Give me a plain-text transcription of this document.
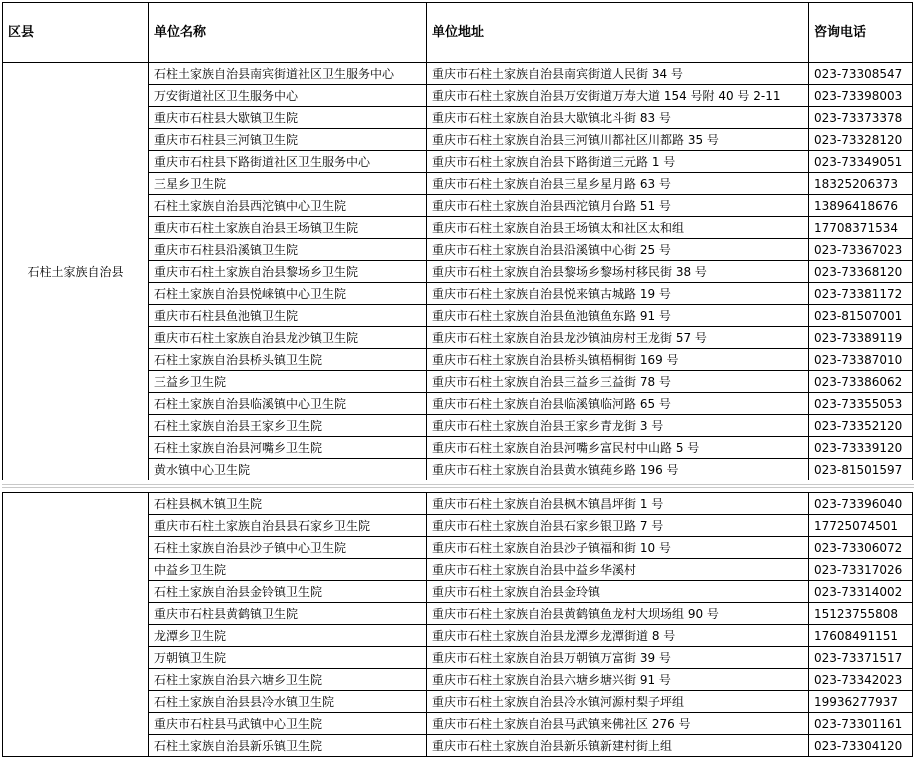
区县	单位名称	单位地址	咨询电话
石柱土家族自治县	石柱土家族自治县南宾街道社区卫生服务中心	重庆市石柱土家族自治县南宾街道人民街 34 号	023-73308547
	万安街道社区卫生服务中心	重庆市石柱土家族自治县万安街道万寿大道 154 号附 40 号 2-11	023-73398003
	重庆市石柱县大歇镇卫生院	重庆市石柱土家族自治县大歇镇北斗街 83 号	023-73373378
	重庆市石柱县三河镇卫生院	重庆市石柱土家族自治县三河镇川都社区川都路 35 号	023-73328120
	重庆市石柱县下路街道社区卫生服务中心	重庆市石柱土家族自治县下路街道三元路 1 号	023-73349051
	三星乡卫生院	重庆市石柱土家族自治县三星乡星月路 63 号	18325206373
	石柱土家族自治县西沱镇中心卫生院	重庆市石柱土家族自治县西沱镇月台路 51 号	13896418676
	重庆市石柱土家族自治县王场镇卫生院	重庆市石柱土家族自治县王场镇太和社区太和组	17708371534
	重庆市石柱县沿溪镇卫生院	重庆市石柱土家族自治县沿溪镇中心街 25 号	023-73367023
	重庆市石柱土家族自治县黎场乡卫生院	重庆市石柱土家族自治县黎场乡黎场村移民街 38 号	023-73368120
	石柱土家族自治县悦崃镇中心卫生院	重庆市石柱土家族自治县悦来镇古城路 19 号	023-73381172
	重庆市石柱县鱼池镇卫生院	重庆市石柱土家族自治县鱼池镇鱼东路 91 号	023-81507001
	重庆市石柱土家族自治县龙沙镇卫生院	重庆市石柱土家族自治县龙沙镇油房村王龙街 57 号	023-73389119
	石柱土家族自治县桥头镇卫生院	重庆市石柱土家族自治县桥头镇梧桐街 169 号	023-73387010
	三益乡卫生院	重庆市石柱土家族自治县三益乡三益街 78 号	023-73386062
	石柱土家族自治县临溪镇中心卫生院	重庆市石柱土家族自治县临溪镇临河路 65 号	023-73355053
	石柱土家族自治县王家乡卫生院	重庆市石柱土家族自治县王家乡青龙街 3 号	023-73352120
	石柱土家族自治县河嘴乡卫生院	重庆市石柱土家族自治县河嘴乡富民村中山路 5 号	023-73339120
	黄水镇中心卫生院	重庆市石柱土家族自治县黄水镇莼乡路 196 号	023-81501597
	石柱县枫木镇卫生院	重庆市石柱土家族自治县枫木镇昌坪街 1 号	023-73396040
	重庆市石柱土家族自治县县石家乡卫生院	重庆市石柱土家族自治县石家乡银卫路 7 号	17725074501
	石柱土家族自治县沙子镇中心卫生院	重庆市石柱土家族自治县沙子镇福和街 10 号	023-73306072
	中益乡卫生院	重庆市石柱土家族自治县中益乡华溪村	023-73317026
	石柱土家族自治县金铃镇卫生院	重庆市石柱土家族自治县金玲镇	023-73314002
	重庆市石柱县黄鹤镇卫生院	重庆市石柱土家族自治县黄鹤镇鱼龙村大坝场组 90 号	15123755808
	龙潭乡卫生院	重庆市石柱土家族自治县龙潭乡龙潭街道 8 号	17608491151
	万朝镇卫生院	重庆市石柱土家族自治县万朝镇万富街 39 号	023-73371517
	石柱土家族自治县六塘乡卫生院	重庆市石柱土家族自治县六塘乡塘兴街 91 号	023-73342023
	石柱土家族自治县县冷水镇卫生院	重庆市石柱土家族自治县冷水镇河源村梨子坪组	19936277937
	重庆市石柱县马武镇中心卫生院	重庆市石柱土家族自治县马武镇来佛社区 276 号	023-73301161
	石柱土家族自治县新乐镇卫生院	重庆市石柱土家族自治县新乐镇新建村街上组	023-73304120
